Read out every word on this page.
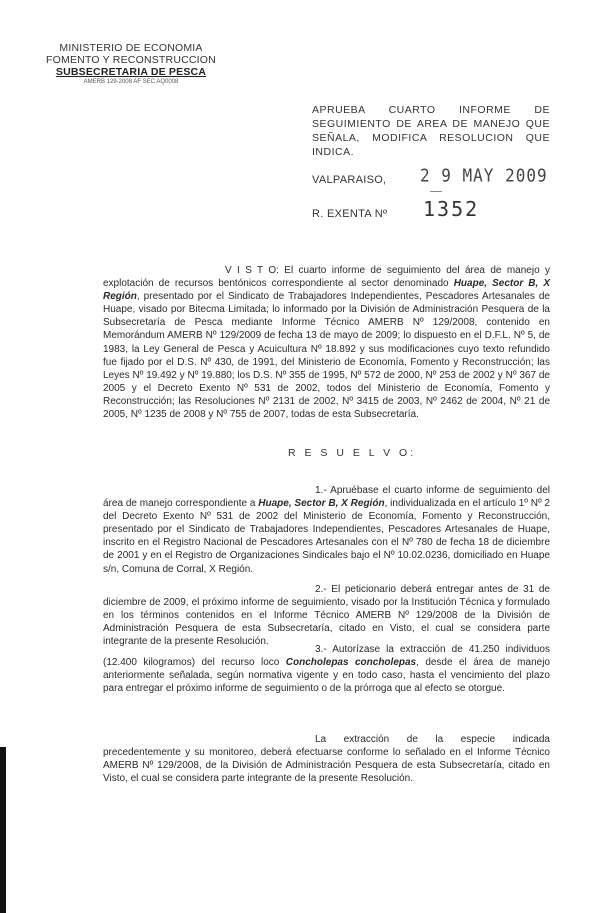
MINISTERIO DE ECONOMIA
FOMENTO Y RECONSTRUCCION
SUBSECRETARIA DE PESCA
AMERB 129-2008 AF SEC AQ0008
APRUEBA CUARTO INFORME DE
SEGUIMIENTO DE AREA DE MANEJO QUE
SEÑALA, MODIFICA RESOLUCION QUE
INDICA.
VALPARAISO, 2 9 MAY 2009
R. EXENTA Nº 1352

V I S T O: El cuarto informe de seguimiento del área de manejo y explotación de recursos bentónicos correspondiente al sector denominado Huape, Sector B, X Región, presentado por el Sindicato de Trabajadores Independientes, Pescadores Artesanales de Huape, visado por Bitecma Limitada; lo informado por la División de Administración Pesquera de la Subsecretaría de Pesca mediante Informe Técnico AMERB Nº 129/2008, contenido en Memorándum AMERB Nº 129/2009 de fecha 13 de mayo de 2009; lo dispuesto en el D.F.L. Nº 5, de 1983, la Ley General de Pesca y Acuicultura Nº 18.892 y sus modificaciones cuyo texto refundido fue fijado por el D.S. Nº 430, de 1991, del Ministerio de Economía, Fomento y Reconstrucción; las Leyes Nº 19.492 y Nº 19.880; los D.S. Nº 355 de 1995, Nº 572 de 2000, Nº 253 de 2002 y Nº 367 de 2005 y el Decreto Exento Nº 531 de 2002, todos del Ministerio de Economía, Fomento y Reconstrucción; las Resoluciones Nº 2131 de 2002, Nº 3415 de 2003, Nº 2462 de 2004, Nº 21 de 2005, Nº 1235 de 2008 y Nº 755 de 2007, todas de esta Subsecretaría.

R E S U E L V O:

1.- Apruébase el cuarto informe de seguimiento del área de manejo correspondiente a Huape, Sector B, X Región, individualizada en el artículo 1º Nº 2 del Decreto Exento Nº 531 de 2002 del Ministerio de Economía, Fomento y Reconstrucción, presentado por el Sindicato de Trabajadores Independientes, Pescadores Artesanales de Huape, inscrito en el Registro Nacional de Pescadores Artesanales con el Nº 780 de fecha 18 de diciembre de 2001 y en el Registro de Organizaciones Sindicales bajo el Nº 10.02.0236, domiciliado en Huape s/n, Comuna de Corral, X Región.

2.- El peticionario deberá entregar antes de 31 de diciembre de 2009, el próximo informe de seguimiento, visado por la Institución Técnica y formulado en los términos contenidos en el Informe Técnico AMERB Nº 129/2008 de la División de Administración Pesquera de esta Subsecretaría, citado en Visto, el cual se considera parte integrante de la presente Resolución.

3.- Autorízase la extracción de 41.250 individuos (12.400 kilogramos) del recurso loco Concholepas concholepas, desde el área de manejo anteriormente señalada, según normativa vigente y en todo caso, hasta el vencimiento del plazo para entregar el próximo informe de seguimiento o de la prórroga que al efecto se otorgue.

La extracción de la especie indicada precedentemente y su monitoreo, deberá efectuarse conforme lo señalado en el Informe Técnico AMERB Nº 129/2008, de la División de Administración Pesquera de esta Subsecretaría, citado en Visto, el cual se considera parte integrante de la presente Resolución.
